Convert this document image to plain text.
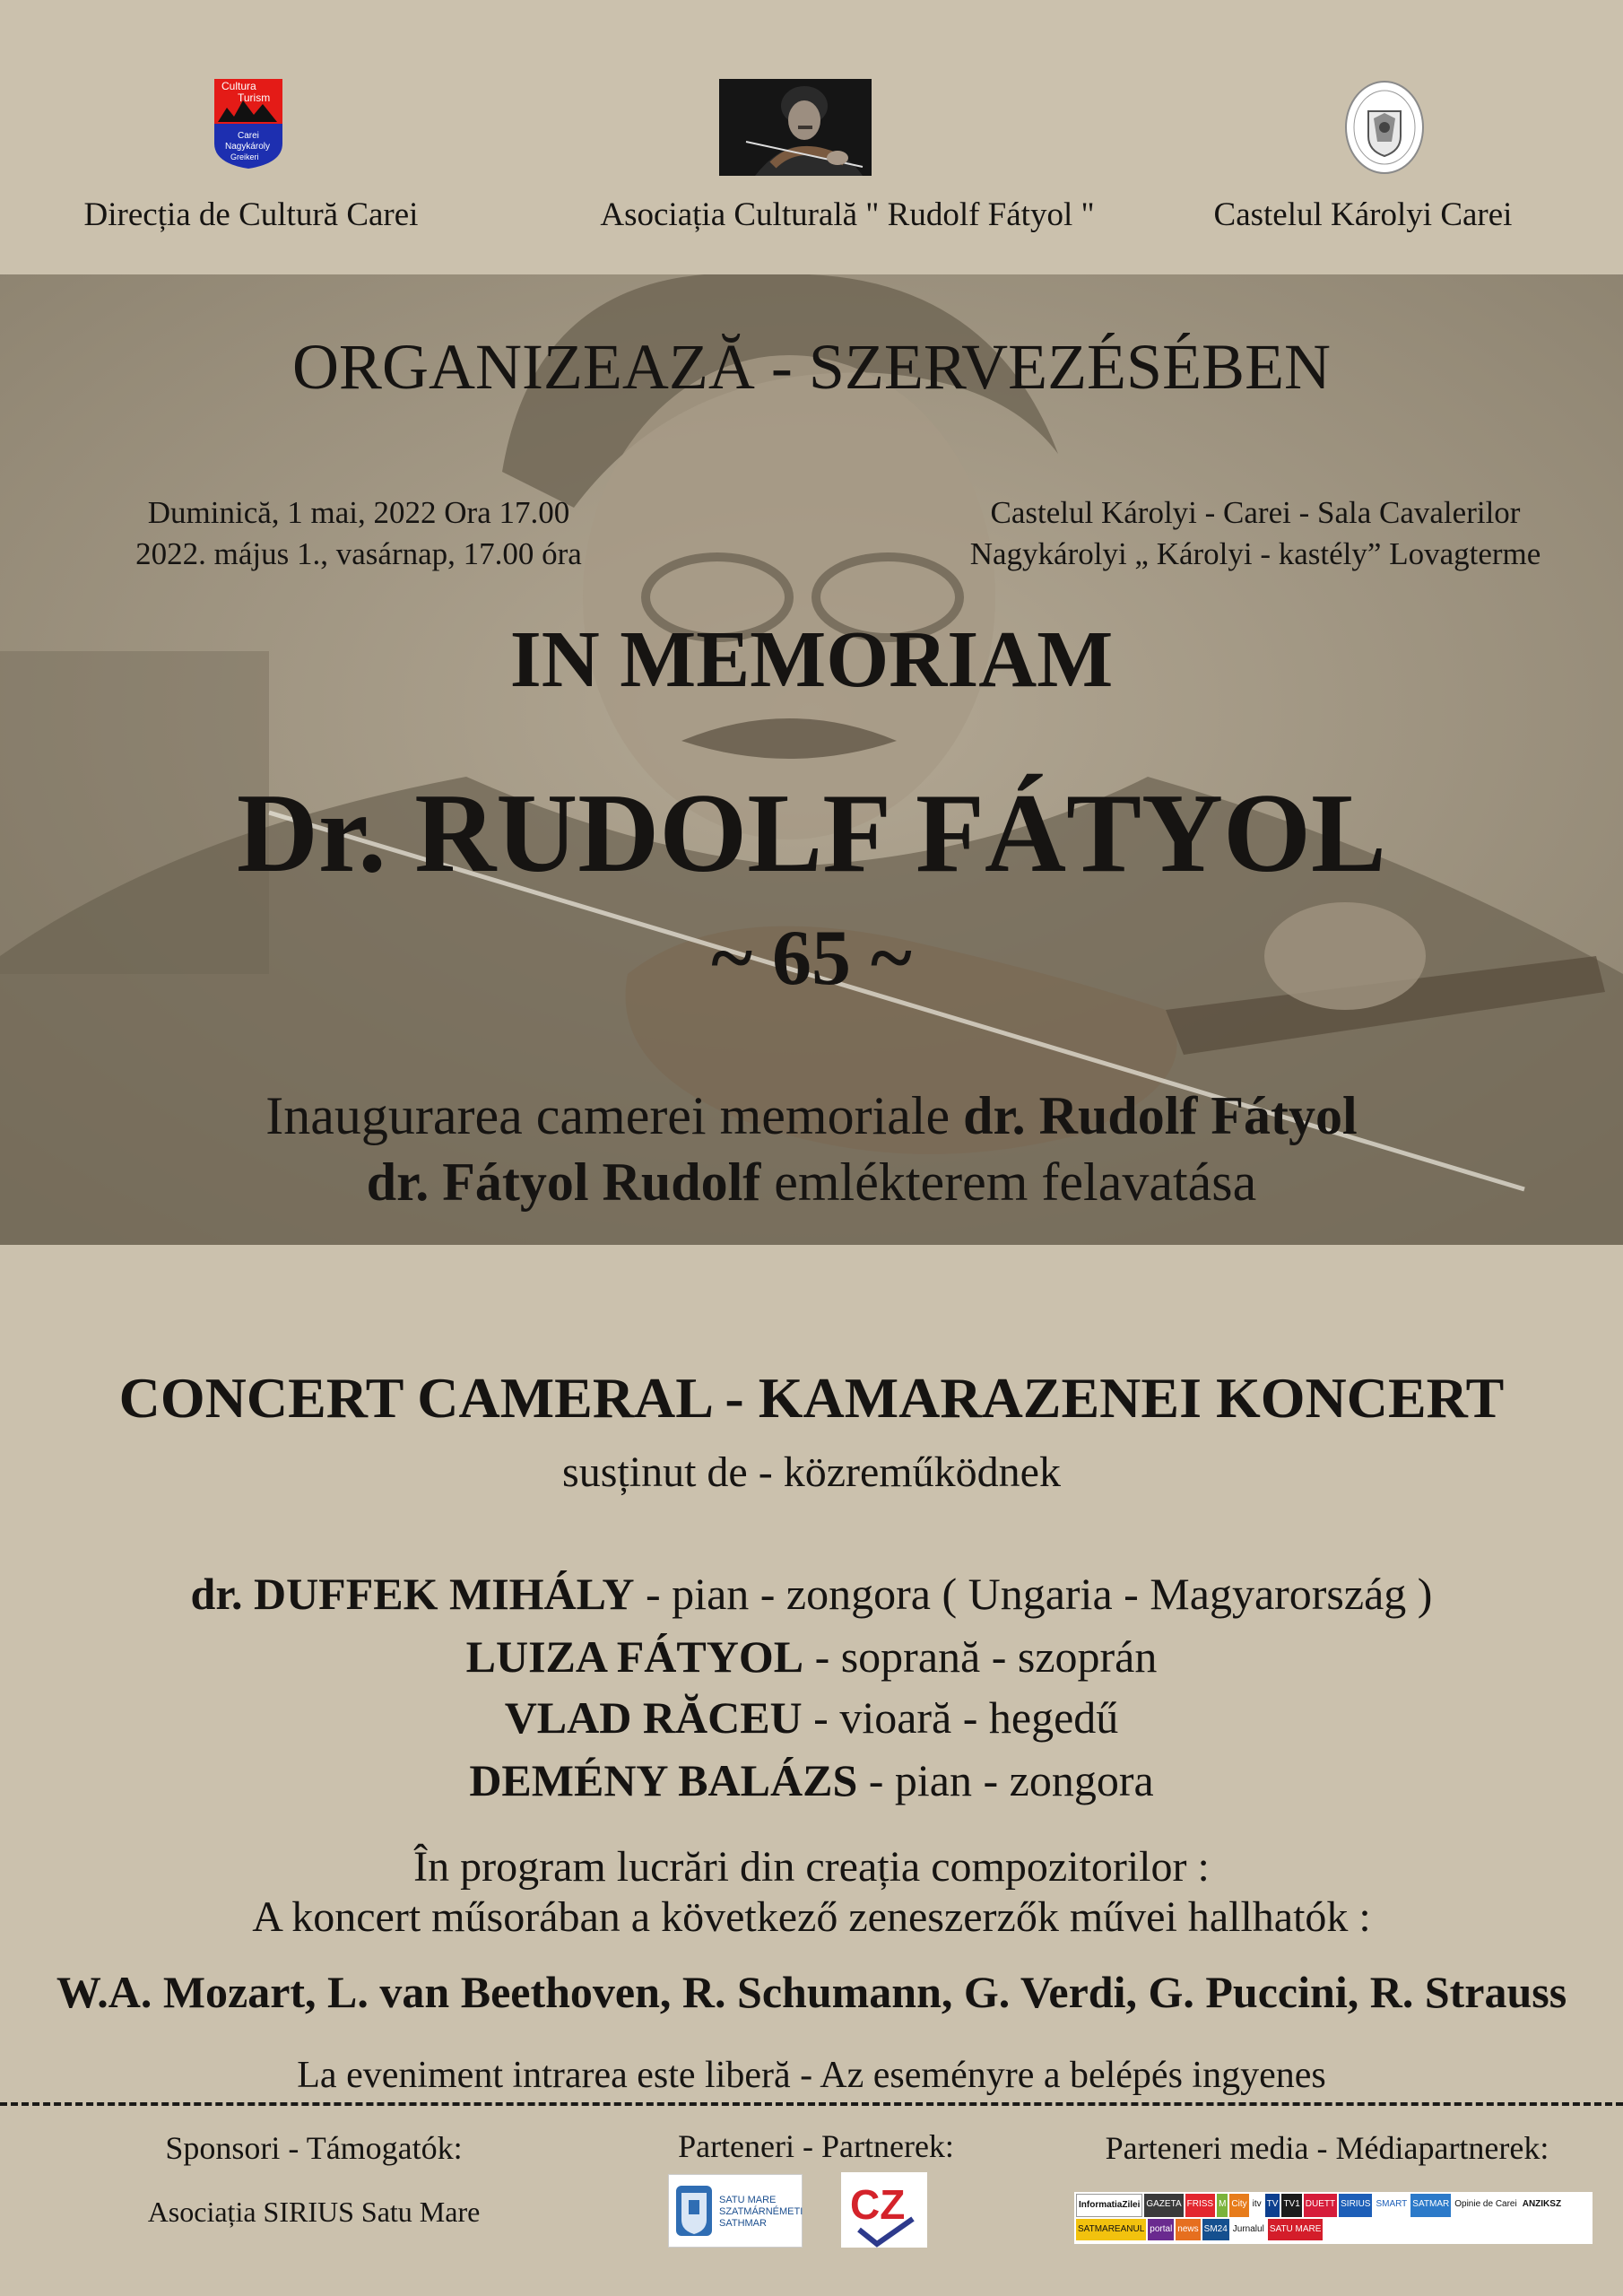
Cultura
Turism
Carei
Nagykároly
Greikeri
Direcția de Cultură Carei	Asociația Culturală " Rudolf Fátyol "	Castelul Károlyi Carei
ORGANIZEAZĂ - SZERVEZÉSÉBEN
Duminică, 1 mai, 2022 Ora 17.00
2022. május 1., vasárnap, 17.00 óra
Castelul Károlyi - Carei - Sala Cavalerilor
Nagykárolyi „ Károlyi - kastély” Lovagterme
IN MEMORIAM
Dr. RUDOLF FÁTYOL
~ 65 ~
Inaugurarea camerei memoriale dr. Rudolf Fátyol
dr. Fátyol Rudolf emlékterem felavatása
CONCERT CAMERAL - KAMARAZENEI KONCERT
susținut de - közreműködnek
dr. DUFFEK MIHÁLY - pian - zongora ( Ungaria - Magyarország )
LUIZA FÁTYOL - soprană - szoprán
VLAD RĂCEU - vioară - hegedű
DEMÉNY BALÁZS - pian - zongora
În program lucrări din creația compozitorilor :
A koncert műsorában a következő zeneszerzők művei hallhatók :
W.A. Mozart, L. van Beethoven, R. Schumann, G. Verdi, G. Puccini, R. Strauss
La eveniment intrarea este liberă - Az eseményre a belépés ingyenes
Sponsori - Támogatók:
Asociația SIRIUS Satu Mare
Parteneri - Partnerek:
SATU MARE SZATMÁRNÉMETI SATHMAR	CZ
Parteneri media - Médiapartnerek:
InformatiaZilei GAZETA FRISS M City itv TV TV1 DUETT SIRIUS SMART SATMAR Opinie de Carei ANZIKSZ
SATMAREANUL portal news SM24 Jurnalul SATU MARE
